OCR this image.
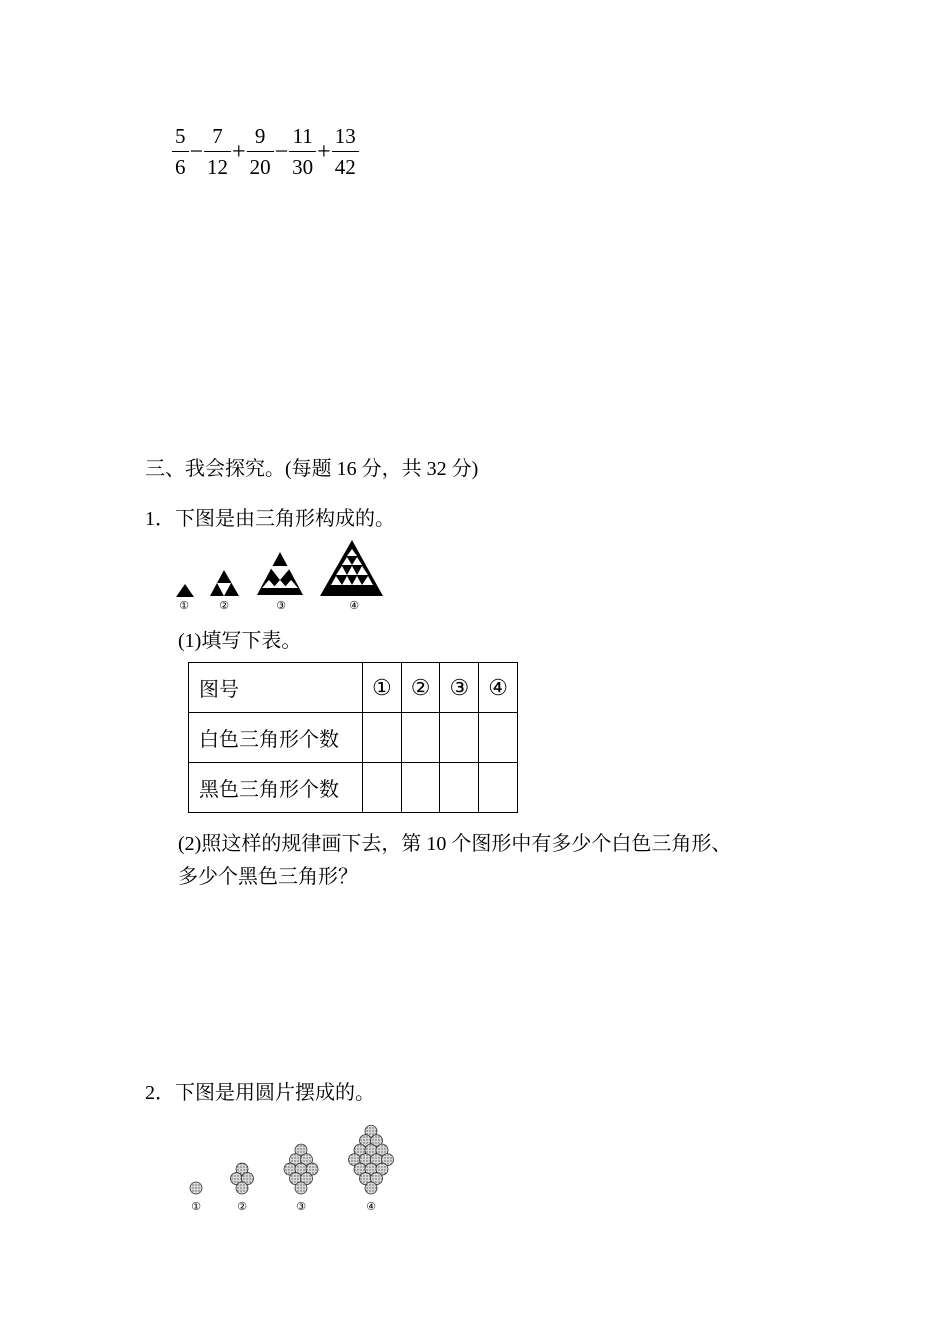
$\frac{5}{6} - \frac{7}{12} + \frac{9}{20} - \frac{11}{30} + \frac{13}{42}$
三、我会探究。(每题 16 分，共 32 分)
1．下图是由三角形构成的。
①	②	③	④
(1)填写下表。
图号	①	②	③	④
白色三角形个数				
黑色三角形个数				
(2)照这样的规律画下去，第 10 个图形中有多少个白色三角形、
多少个黑色三角形？
2．下图是用圆片摆成的。
①	②	③	④
